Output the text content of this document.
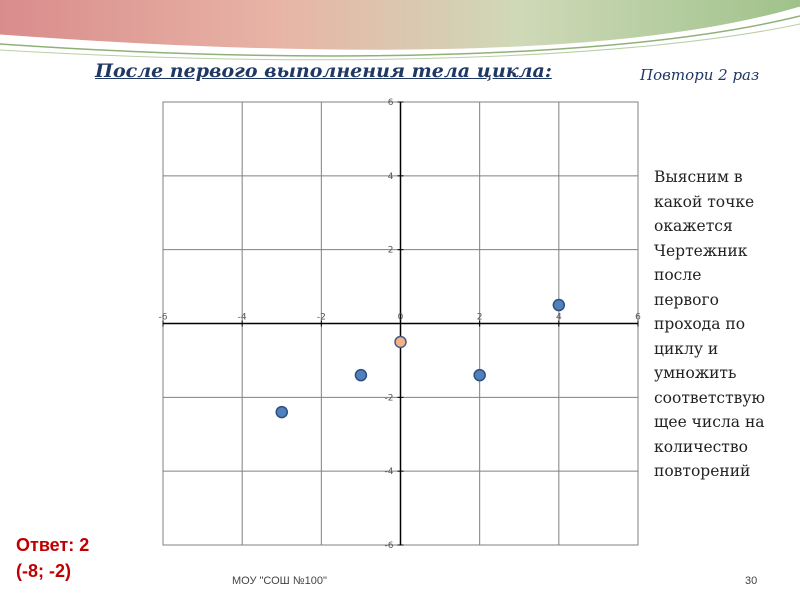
После первого выполнения тела цикла:	Повтори 2 раз
-6	-4	-2	0	2	4	6
6
4
2
-2
-4
-6
Выясним в
какой точке
окажется
Чертежник
после
первого
прохода по
циклу и
умножить
соответствую
щее числа на
количество
повторений
Ответ: 2
(-8; -2)	МОУ "СОШ №100"	30
